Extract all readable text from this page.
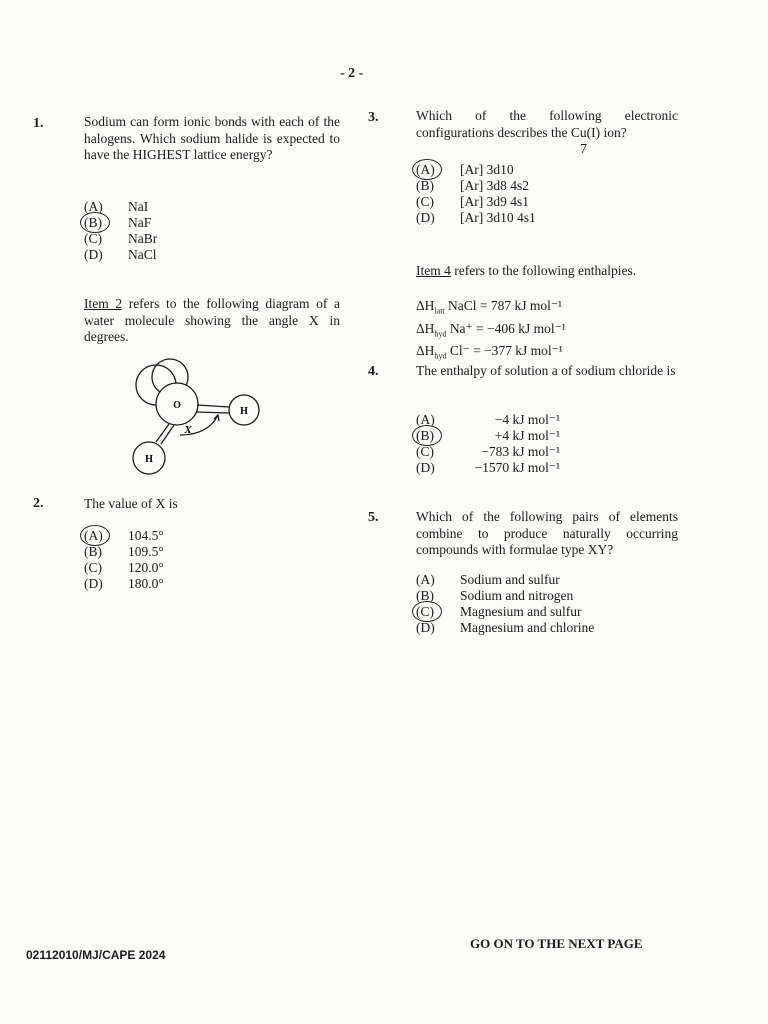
- 2 -
1.	Sodium can form ionic bonds with each of the halogens. Which sodium halide is expected to have the HIGHEST lattice energy?
(A) NaI
(B) NaF
(C) NaBr
(D) NaCl
Item 2 refers to the following diagram of a water molecule showing the angle X in degrees.
O
H
H
X
2.	The value of X is
(A) 104.5°
(B) 109.5°
(C) 120.0°
(D) 180.0°
3.	Which of the following electronic configurations describes the Cu(I) ion?
7
(A) [Ar] 3d10
(B) [Ar] 3d8 4s2
(C) [Ar] 3d9 4s1
(D) [Ar] 3d10 4s1
Item 4 refers to the following enthalpies.
$\Delta H_{latt}$ NaCl = 787 kJ mol⁻¹
$\Delta H_{hyd}$ Na⁺ = −406 kJ mol⁻¹
$\Delta H_{hyd}$ Cl⁻ = −377 kJ mol⁻¹
4.	The enthalpy of solution a of sodium chloride is
(A)	−4 kJ mol⁻¹
(B)	+4 kJ mol⁻¹
(C)	−783 kJ mol⁻¹
(D)	−1570 kJ mol⁻¹
5.	Which of the following pairs of elements combine to produce naturally occurring compounds with formulae type XY?
(A) Sodium and sulfur
(B) Sodium and nitrogen
(C) Magnesium and sulfur
(D) Magnesium and chlorine
02112010/MJ/CAPE 2024
GO ON TO THE NEXT PAGE
